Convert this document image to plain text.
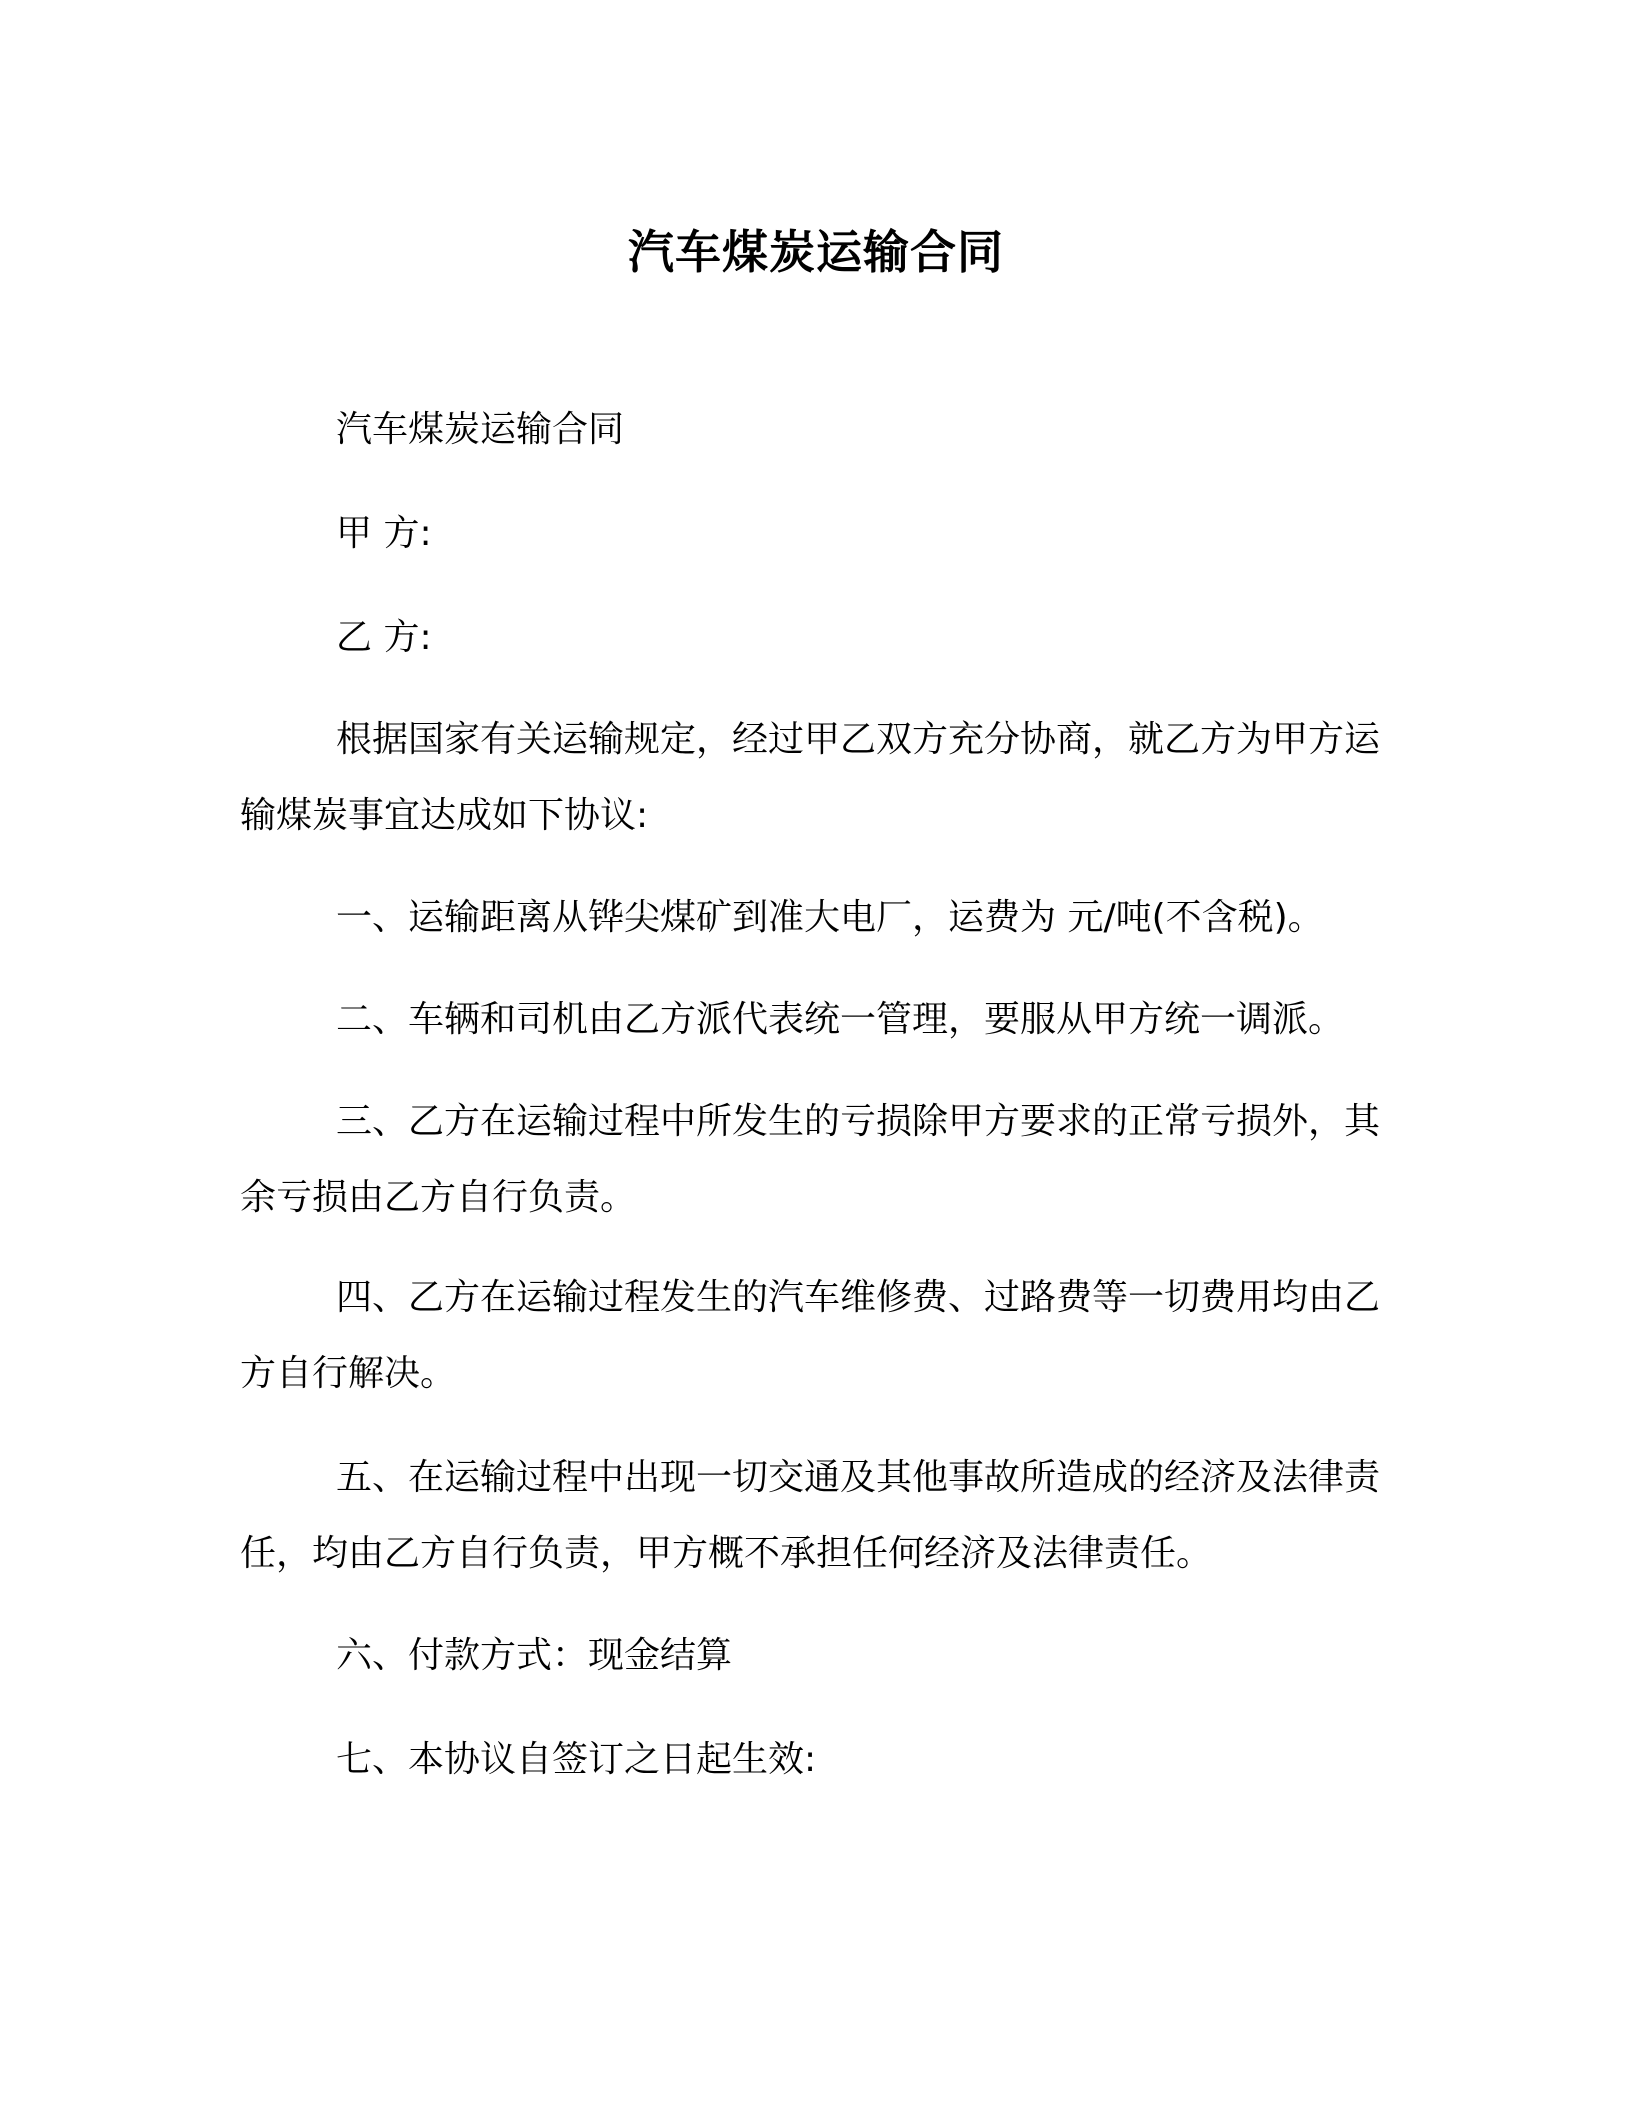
汽车煤炭运输合同

汽车煤炭运输合同

甲 方:

乙 方:

根据国家有关运输规定，经过甲乙双方充分协商，就乙方为甲方运输煤炭事宜达成如下协议:

一、运输距离从铧尖煤矿到准大电厂，运费为 元/吨(不含税)。

二、车辆和司机由乙方派代表统一管理，要服从甲方统一调派。

三、乙方在运输过程中所发生的亏损除甲方要求的正常亏损外，其余亏损由乙方自行负责。

四、乙方在运输过程发生的汽车维修费、过路费等一切费用均由乙方自行解决。

五、在运输过程中出现一切交通及其他事故所造成的经济及法律责任，均由乙方自行负责，甲方概不承担任何经济及法律责任。

六、付款方式：现金结算

七、本协议自签订之日起生效:
